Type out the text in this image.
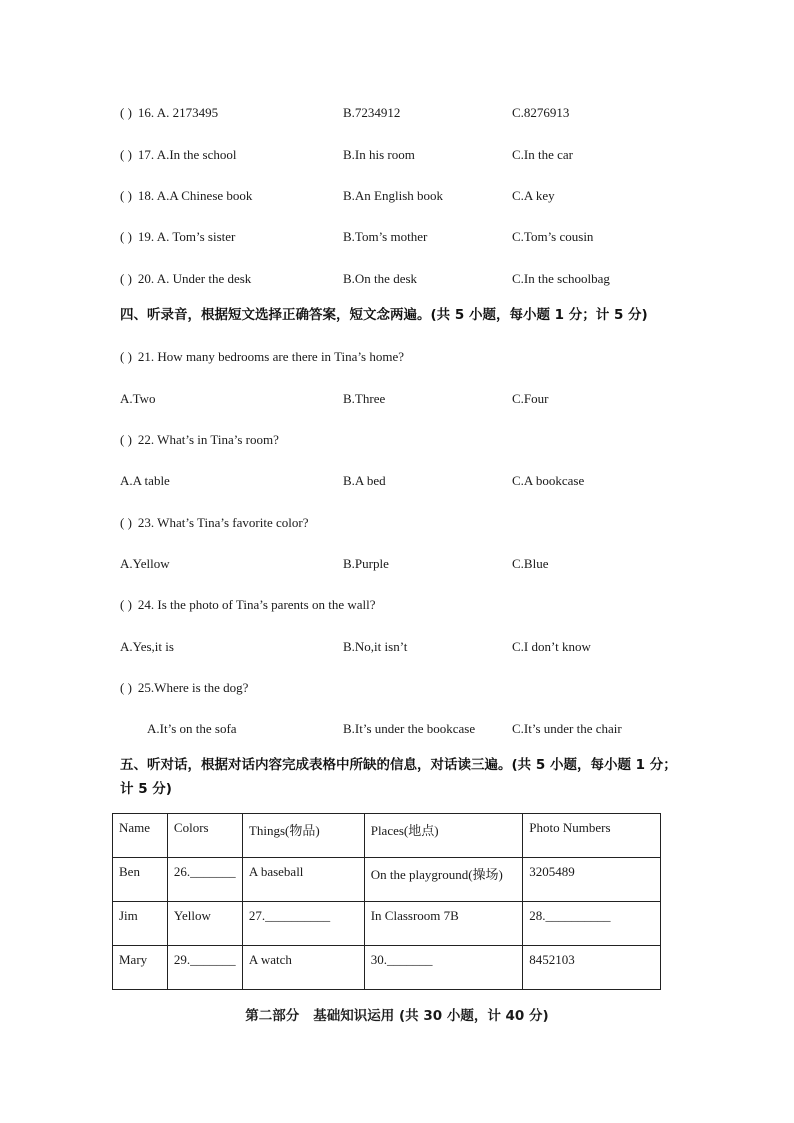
( ) 16. A. 2173495	B.7234912	C.8276913
( ) 17. A.In the school	B.In his room	C.In the car
( ) 18. A.A Chinese book	B.An English book	C.A key
( ) 19. A. Tom’s sister	B.Tom’s mother	C.Tom’s cousin
( ) 20. A. Under the desk	B.On the desk	C.In the schoolbag
四、听录音，根据短文选择正确答案，短文念两遍。(共 5 小题，每小题 1 分；计 5 分)
( ) 21. How many bedrooms are there in Tina’s home?
A.Two	B.Three	C.Four
( ) 22. What’s in Tina’s room?
A.A table	B.A bed	C.A bookcase
( ) 23. What’s Tina’s favorite color?
A.Yellow	B.Purple	C.Blue
( ) 24. Is the photo of Tina’s parents on the wall?
A.Yes,it is	B.No,it isn’t	C.I don’t know
( ) 25.Where is the dog?
A.It’s on the sofa	B.It’s under the bookcase	C.It’s under the chair
五、听对话，根据对话内容完成表格中所缺的信息，对话读三遍。(共 5 小题，每小题 1 分；
计 5 分)
Name	Colors	Things(物品)	Places(地点)	Photo Numbers
Ben	26._______	A baseball	On the playground(操场)	3205489
Jim	Yellow	27.__________	In Classroom 7B	28.__________
Mary	29._______	A watch	30._______	8452103
第二部分 基础知识运用 (共 30 小题，计 40 分)
